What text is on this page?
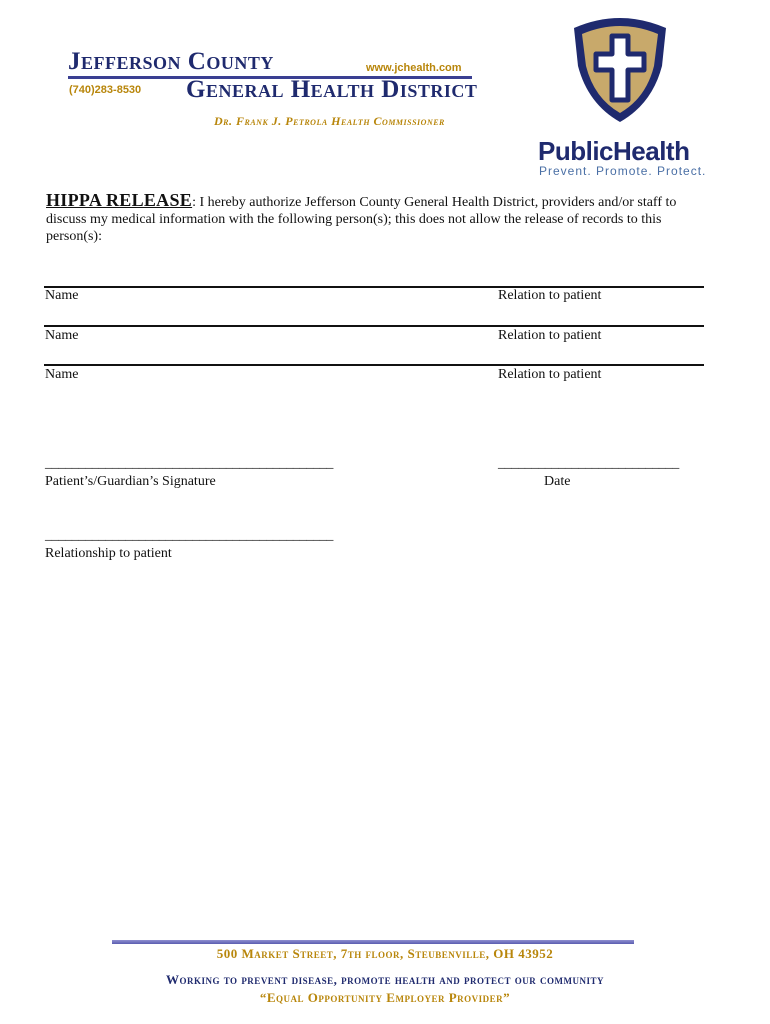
Jefferson County
General Health District
(740)283-8530
www.jchealth.com
Dr. Frank J. Petrola Health Commissioner
PublicHealth
Prevent. Promote. Protect.
HIPPA RELEASE: I hereby authorize Jefferson County General Health District, providers and/or staff to discuss my medical information with the following person(s); this does not allow the release of records to this person(s):
Name	Relation to patient
Name	Relation to patient
Name	Relation to patient
___________________________________________
Patient’s/Guardian’s Signature
___________________________
Date
___________________________________________
Relationship to patient
500 Market Street, 7th floor, Steubenville, OH 43952
Working to prevent disease, promote health and protect our community
“Equal Opportunity Employer Provider”
